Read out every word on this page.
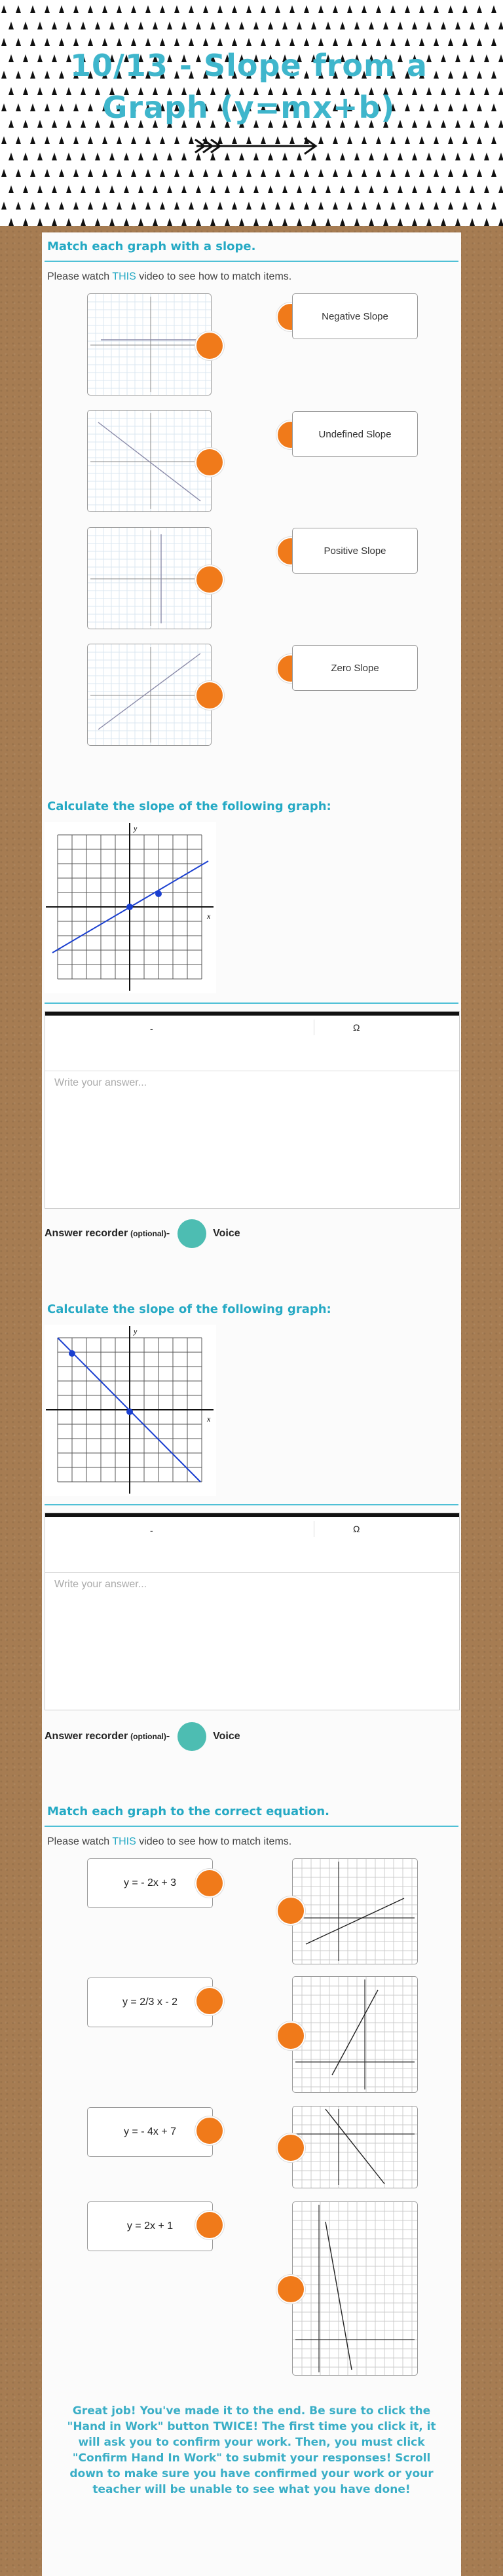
10/13 - Slope from a Graph (y=mx+b)
Match each graph with a slope.
Please watch THIS video to see how to match items.
Negative Slope
Undefined Slope
Positive Slope
Zero Slope
Calculate the slope of the following graph:
y
x
-	Ω
Write your answer...
Answer recorder (optional) -	Voice
Calculate the slope of the following graph:
y
x
-	Ω
Write your answer...
Answer recorder (optional) -	Voice
Match each graph to the correct equation.
Please watch THIS video to see how to match items.
y = - 2x + 3
y = 2/3 x - 2
y = - 4x + 7
y = 2x + 1
Great job! You've made it to the end. Be sure to click the "Hand in Work" button TWICE! The first time you click it, it will ask you to confirm your work. Then, you must click "Confirm Hand In Work" to submit your responses! Scroll down to make sure you have confirmed your work or your teacher will be unable to see what you have done!
